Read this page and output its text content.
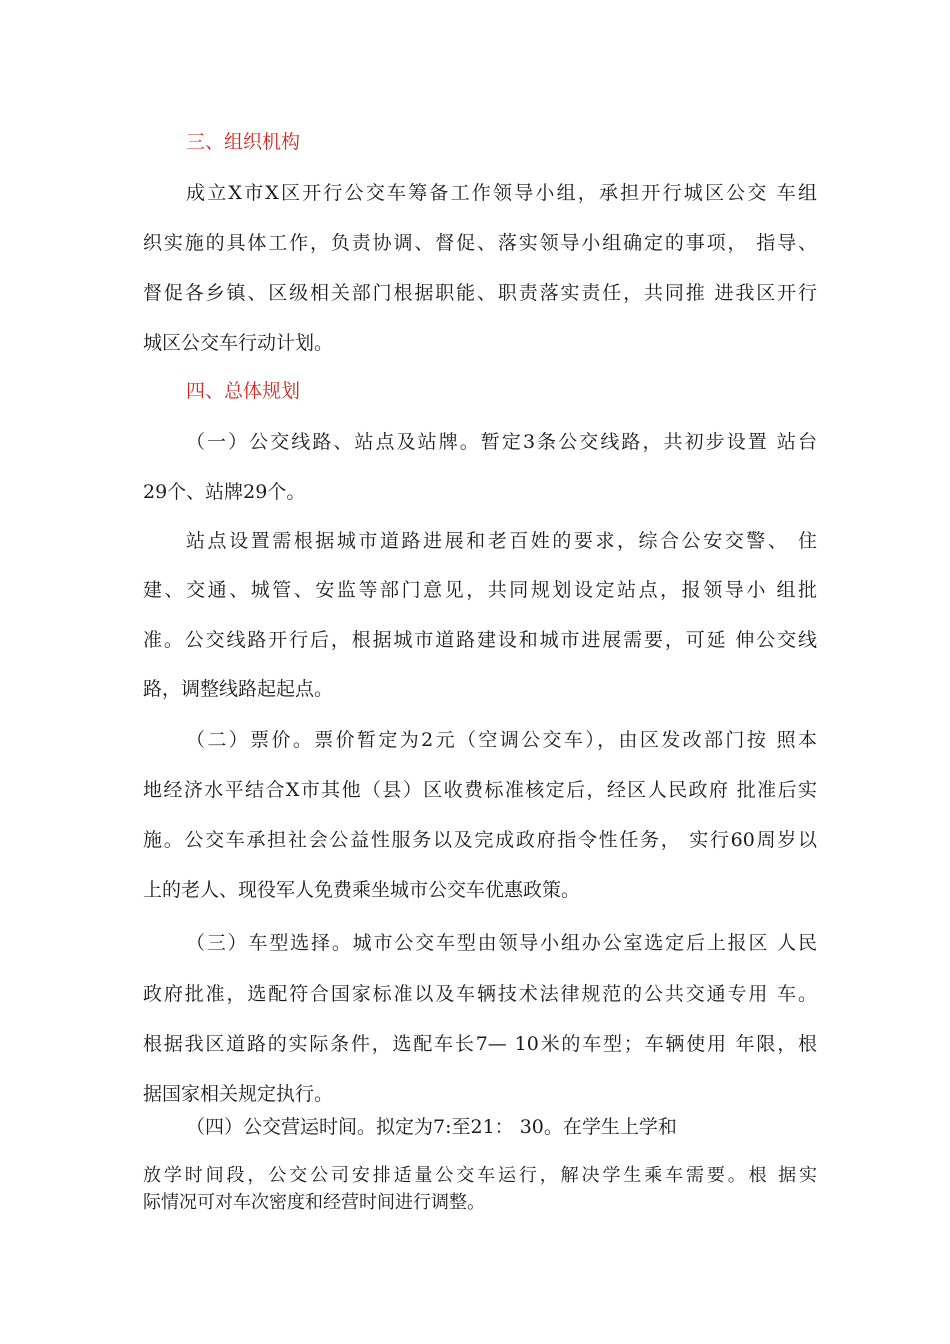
三、组织机构
成立X市X区开行公交车筹备工作领导小组，承担开行城区公交 车组
织实施的具体工作，负责协调、督促、落实领导小组确定的事项， 指导、
督促各乡镇、区级相关部门根据职能、职责落实责任，共同推 进我区开行
城区公交车行动计划。
四、总体规划
（一）公交线路、站点及站牌。暂定3条公交线路，共初步设置 站台
29个、站牌29个。
站点设置需根据城市道路进展和老百姓的要求，综合公安交警、 住
建、交通、城管、安监等部门意见，共同规划设定站点，报领导小 组批
准。公交线路开行后，根据城市道路建设和城市进展需要，可延 伸公交线
路，调整线路起起点。
（二）票价。票价暂定为2元（空调公交车），由区发改部门按 照本
地经济水平结合X市其他（县）区收费标准核定后，经区人民政府 批准后实
施。公交车承担社会公益性服务以及完成政府指令性任务， 实行60周岁以
上的老人、现役军人免费乘坐城市公交车优惠政策。
（三）车型选择。城市公交车型由领导小组办公室选定后上报区 人民
政府批准，选配符合国家标准以及车辆技术法律规范的公共交通专用 车。
根据我区道路的实际条件，选配车长7— 10米的车型；车辆使用 年限，根
据国家相关规定执行。
（四）公交营运时间。拟定为7:至21： 30。在学生上学和
放学时间段，公交公司安排适量公交车运行，解决学生乘车需要。根 据实
际情况可对车次密度和经营时间进行调整。
